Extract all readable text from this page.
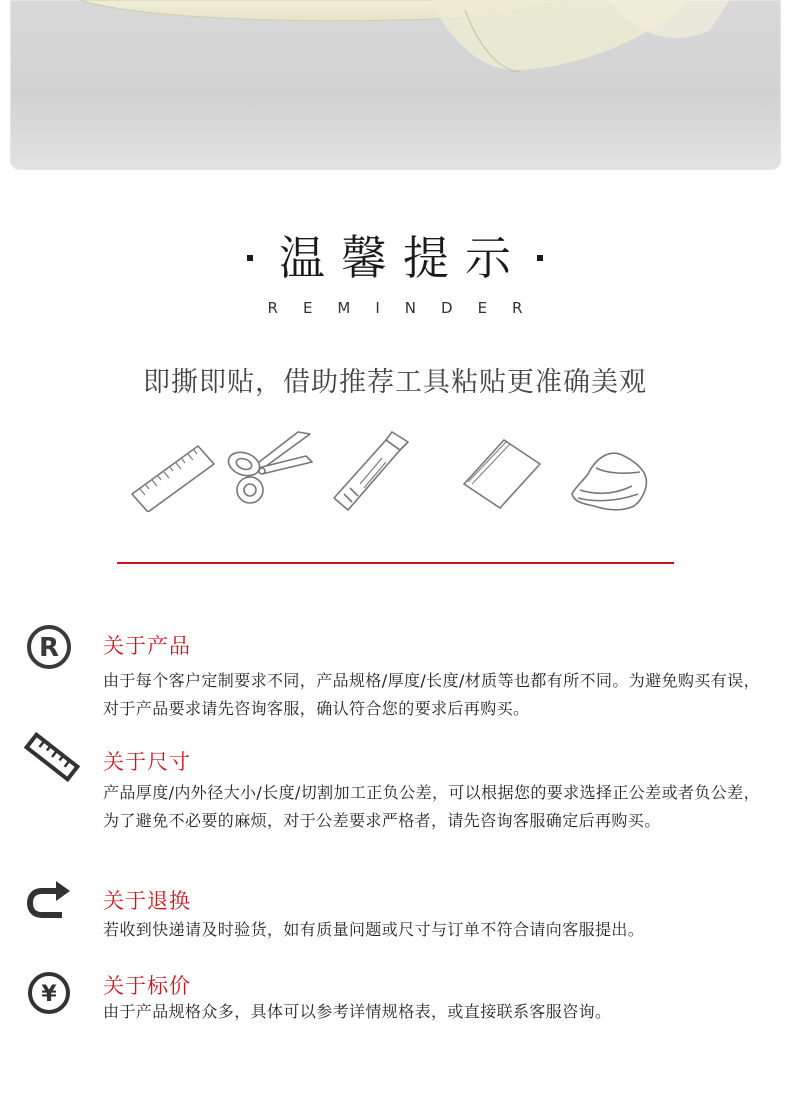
温馨提示
REMINDER
即撕即贴，借助推荐工具粘贴更准确美观
R 关于产品
由于每个客户定制要求不同，产品规格/厚度/长度/材质等也都有所不同。为避免购买有误，对于产品要求请先咨询客服，确认符合您的要求后再购买。
关于尺寸
产品厚度/内外径大小/长度/切割加工正负公差，可以根据您的要求选择正公差或者负公差，为了避免不必要的麻烦，对于公差要求严格者，请先咨询客服确定后再购买。
关于退换
若收到快递请及时验货，如有质量问题或尺寸与订单不符合请向客服提出。
¥ 关于标价
由于产品规格众多，具体可以参考详情规格表，或直接联系客服咨询。
